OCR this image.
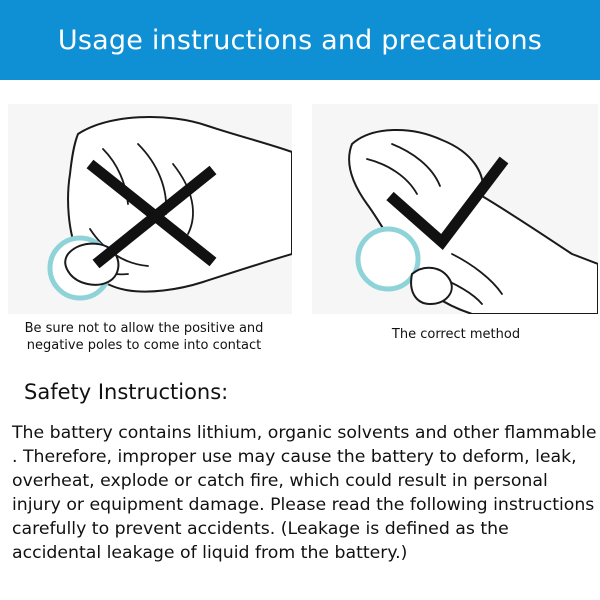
Usage instructions and precautions
Be sure not to allow the positive and negative poles to come into contact
The correct method
Safety Instructions:
The battery contains lithium, organic solvents and other flammable . Therefore, improper use may cause the battery to deform, leak, overheat, explode or catch fire, which could result in personal injury or equipment damage. Please read the following instructions carefully to prevent accidents. (Leakage is defined as the accidental leakage of liquid from the battery.)
